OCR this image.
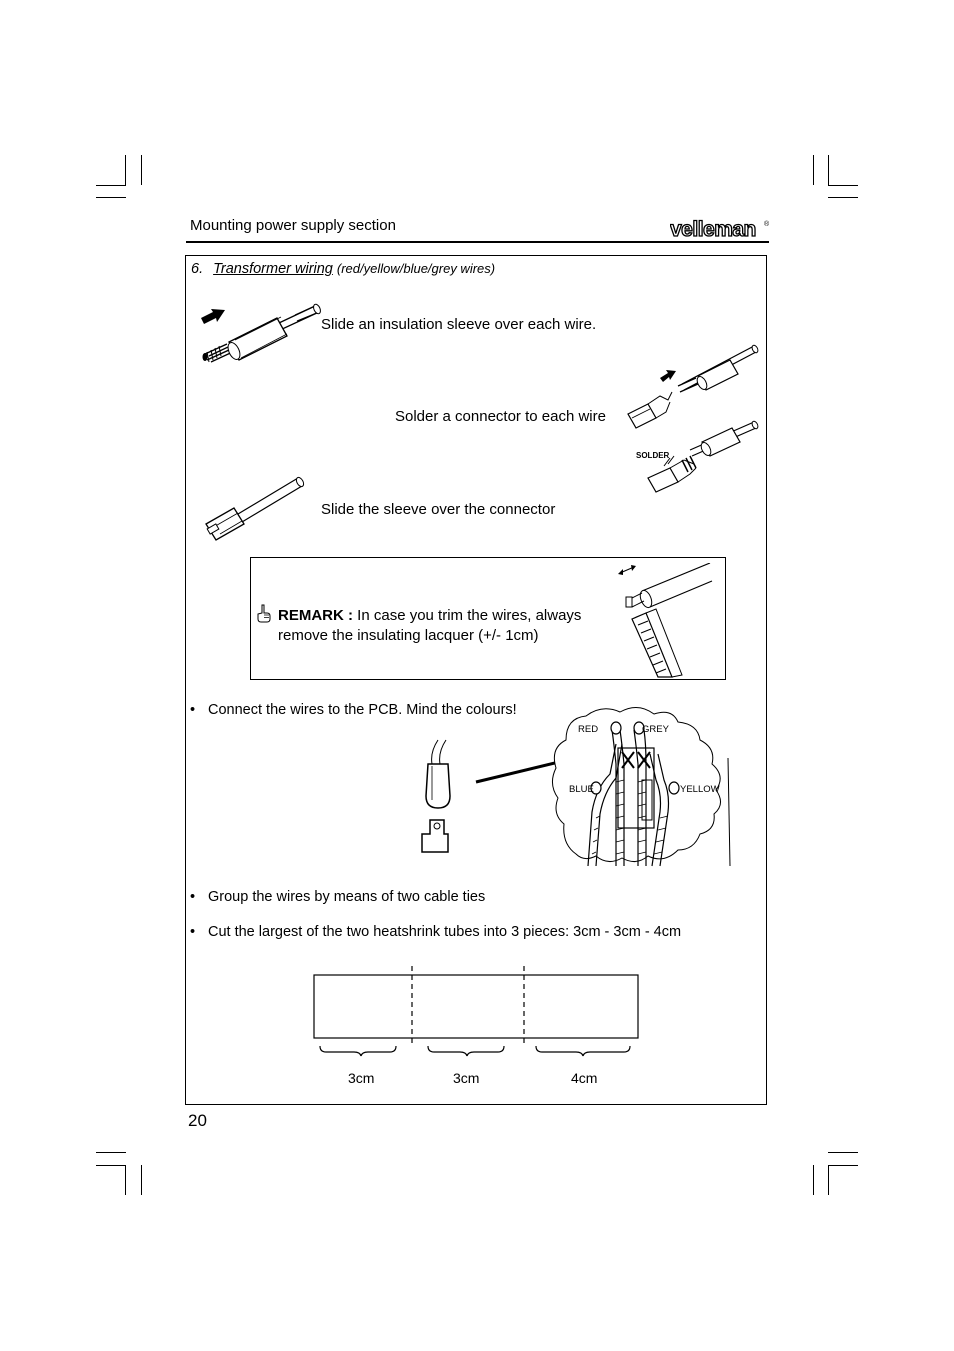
Mounting power supply section	velleman ®
6. Transformer wiring (red/yellow/blue/grey wires)
Slide an insulation sleeve over each wire.
Solder a connector to each wire
SOLDER
Slide the sleeve over the connector
REMARK : In case you trim the wires, always remove the insulating lacquer (+/- 1cm)
• Connect the wires to the PCB. Mind the colours!
RED	GREY
BLUE	YELLOW
• Group the wires by means of two cable ties
• Cut the largest of the two heatshrink tubes into 3 pieces: 3cm - 3cm - 4cm
3cm	3cm	4cm
20
